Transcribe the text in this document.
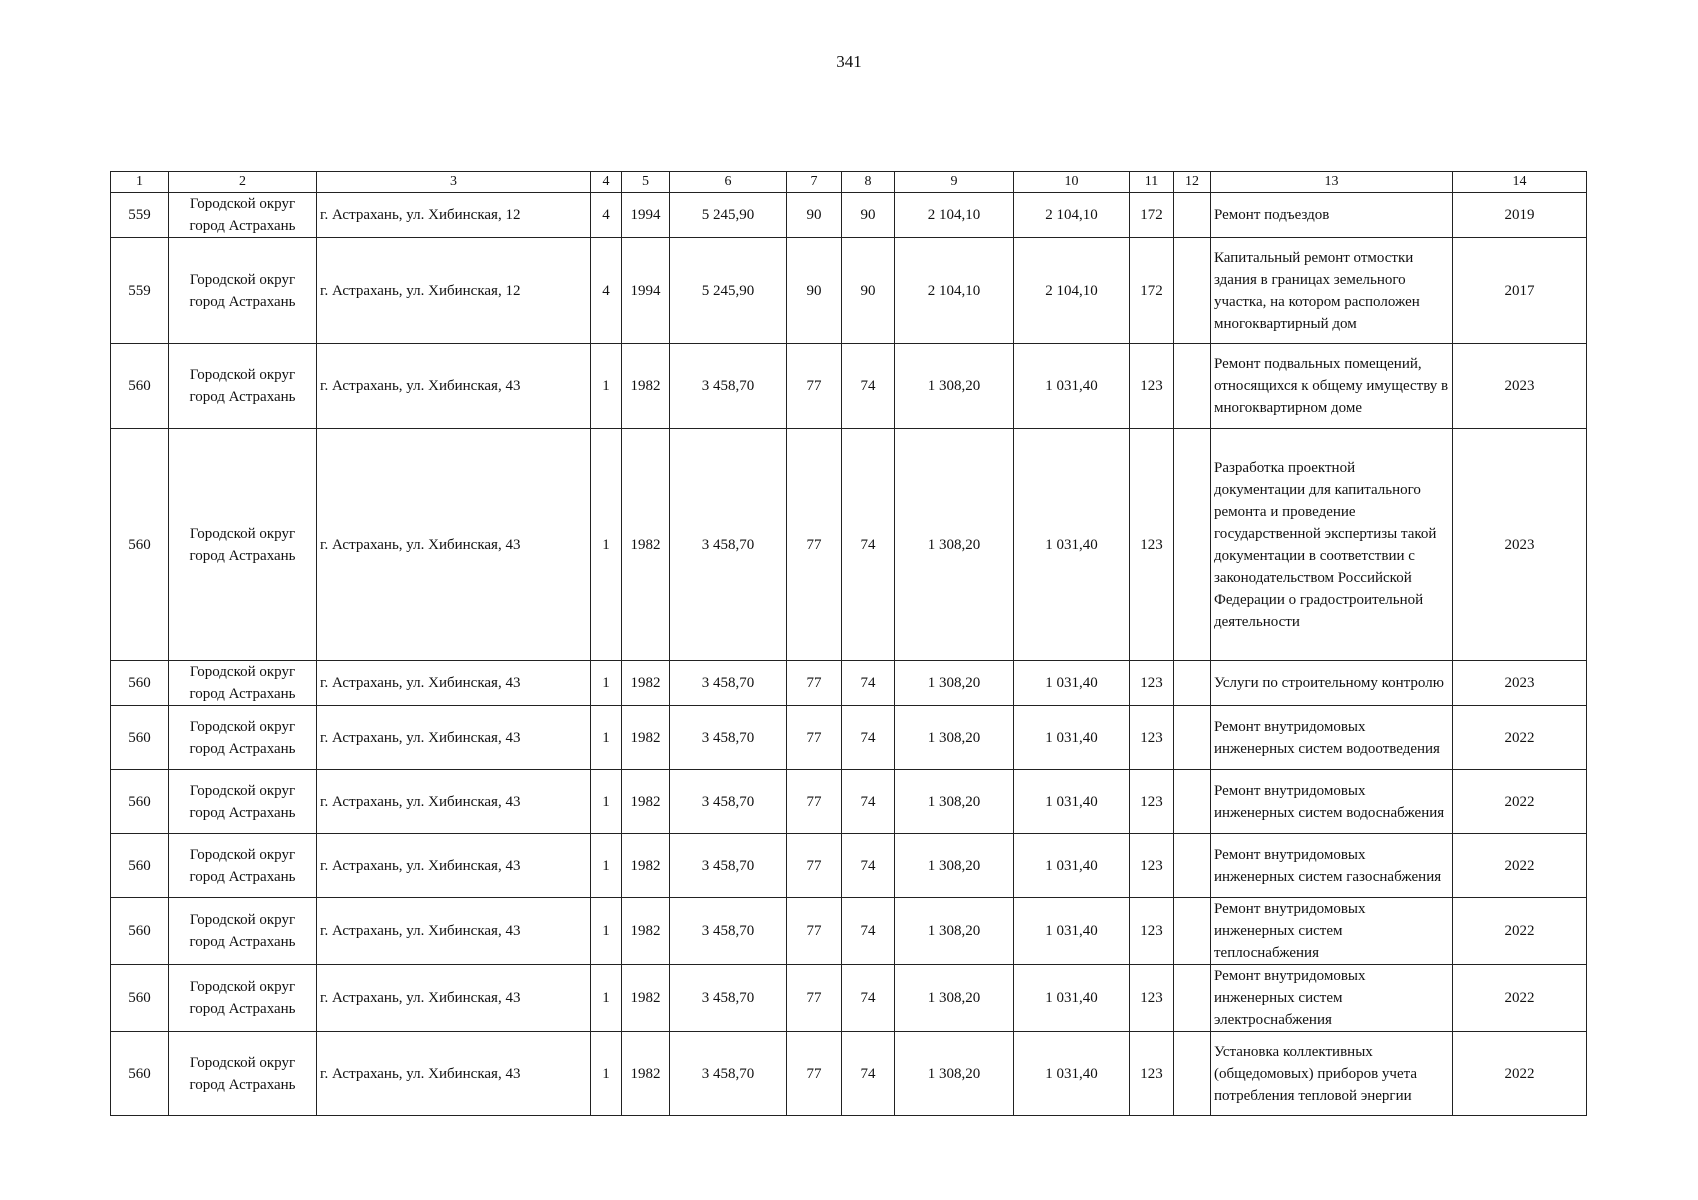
341
1	2	3	4	5	6	7	8	9	10	11	12	13	14
559	Городской округ город Астрахань	г. Астрахань, ул. Хибинская, 12	4	1994	5 245,90	90	90	2 104,10	2 104,10	172		Ремонт подъездов	2019
559	Городской округ город Астрахань	г. Астрахань, ул. Хибинская, 12	4	1994	5 245,90	90	90	2 104,10	2 104,10	172		Капитальный ремонт отмостки здания в границах земельного участка, на котором расположен многоквартирный дом	2017
560	Городской округ город Астрахань	г. Астрахань, ул. Хибинская, 43	1	1982	3 458,70	77	74	1 308,20	1 031,40	123		Ремонт подвальных помещений, относящихся к общему имуществу в многоквартирном доме	2023
560	Городской округ город Астрахань	г. Астрахань, ул. Хибинская, 43	1	1982	3 458,70	77	74	1 308,20	1 031,40	123		Разработка проектной документации для капитального ремонта и проведение государственной экспертизы такой документации в соответствии с законодательством Российской Федерации о градостроительной деятельности	2023
560	Городской округ город Астрахань	г. Астрахань, ул. Хибинская, 43	1	1982	3 458,70	77	74	1 308,20	1 031,40	123		Услуги по строительному контролю	2023
560	Городской округ город Астрахань	г. Астрахань, ул. Хибинская, 43	1	1982	3 458,70	77	74	1 308,20	1 031,40	123		Ремонт внутридомовых инженерных систем водоотведения	2022
560	Городской округ город Астрахань	г. Астрахань, ул. Хибинская, 43	1	1982	3 458,70	77	74	1 308,20	1 031,40	123		Ремонт внутридомовых инженерных систем водоснабжения	2022
560	Городской округ город Астрахань	г. Астрахань, ул. Хибинская, 43	1	1982	3 458,70	77	74	1 308,20	1 031,40	123		Ремонт внутридомовых инженерных систем газоснабжения	2022
560	Городской округ город Астрахань	г. Астрахань, ул. Хибинская, 43	1	1982	3 458,70	77	74	1 308,20	1 031,40	123		Ремонт внутридомовых инженерных систем теплоснабжения	2022
560	Городской округ город Астрахань	г. Астрахань, ул. Хибинская, 43	1	1982	3 458,70	77	74	1 308,20	1 031,40	123		Ремонт внутридомовых инженерных систем электроснабжения	2022
560	Городской округ город Астрахань	г. Астрахань, ул. Хибинская, 43	1	1982	3 458,70	77	74	1 308,20	1 031,40	123		Установка коллективных (общедомовых) приборов учета потребления тепловой энергии	2022
